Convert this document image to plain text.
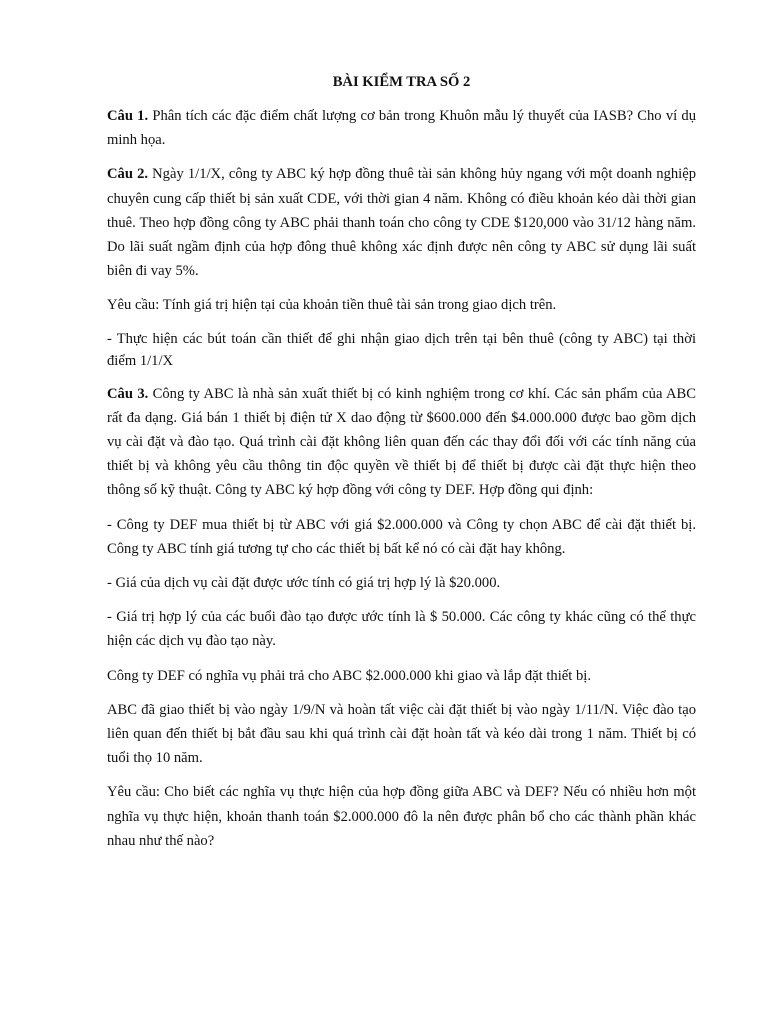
BÀI KIỂM TRA SỐ 2
Câu 1. Phân tích các đặc điểm chất lượng cơ bản trong Khuôn mẫu lý thuyết của IASB? Cho ví dụ minh họa.
Câu 2. Ngày 1/1/X, công ty ABC ký hợp đồng thuê tài sản không hủy ngang với một doanh nghiệp chuyên cung cấp thiết bị sản xuất CDE, với thời gian 4 năm. Không có điều khoản kéo dài thời gian thuê. Theo hợp đồng công ty ABC phải thanh toán cho công ty CDE $120,000 vào 31/12 hàng năm. Do lãi suất ngầm định của hợp đông thuê không xác định được nên công ty ABC sử dụng lãi suất biên đi vay 5%.
Yêu cầu: Tính giá trị hiện tại của khoản tiền thuê tài sản trong giao dịch trên.
- Thực hiện các bút toán cần thiết để ghi nhận giao dịch trên tại bên thuê (công ty ABC) tại thời điểm 1/1/X
Câu 3. Công ty ABC là nhà sản xuất thiết bị có kinh nghiệm trong cơ khí. Các sản phẩm của ABC rất đa dạng. Giá bán 1 thiết bị điện tử X dao động từ $600.000 đến $4.000.000 được bao gồm dịch vụ cài đặt và đào tạo. Quá trình cài đặt không liên quan đến các thay đổi đối với các tính năng của thiết bị và không yêu cầu thông tin độc quyền về thiết bị để thiết bị được cài đặt thực hiện theo thông số kỹ thuật. Công ty ABC ký hợp đồng với công ty DEF. Hợp đồng qui định:
- Công ty DEF mua thiết bị từ ABC với giá $2.000.000 và Công ty chọn ABC để cài đặt thiết bị. Công ty ABC tính giá tương tự cho các thiết bị bất kể nó có cài đặt hay không.
- Giá của dịch vụ cài đặt được ước tính có giá trị hợp lý là $20.000.
- Giá trị hợp lý của các buổi đào tạo được ước tính là $ 50.000. Các công ty khác cũng có thể thực hiện các dịch vụ đào tạo này.
Công ty DEF có nghĩa vụ phải trả cho ABC $2.000.000 khi giao và lắp đặt thiết bị.
ABC đã giao thiết bị vào ngày 1/9/N và hoàn tất việc cài đặt thiết bị vào ngày 1/11/N. Việc đào tạo liên quan đến thiết bị bắt đầu sau khi quá trình cài đặt hoàn tất và kéo dài trong 1 năm. Thiết bị có tuổi thọ 10 năm.
Yêu cầu: Cho biết các nghĩa vụ thực hiện của hợp đồng giữa ABC và DEF? Nếu có nhiều hơn một nghĩa vụ thực hiện, khoản thanh toán $2.000.000 đô la nên được phân bổ cho các thành phần khác nhau như thế nào?
